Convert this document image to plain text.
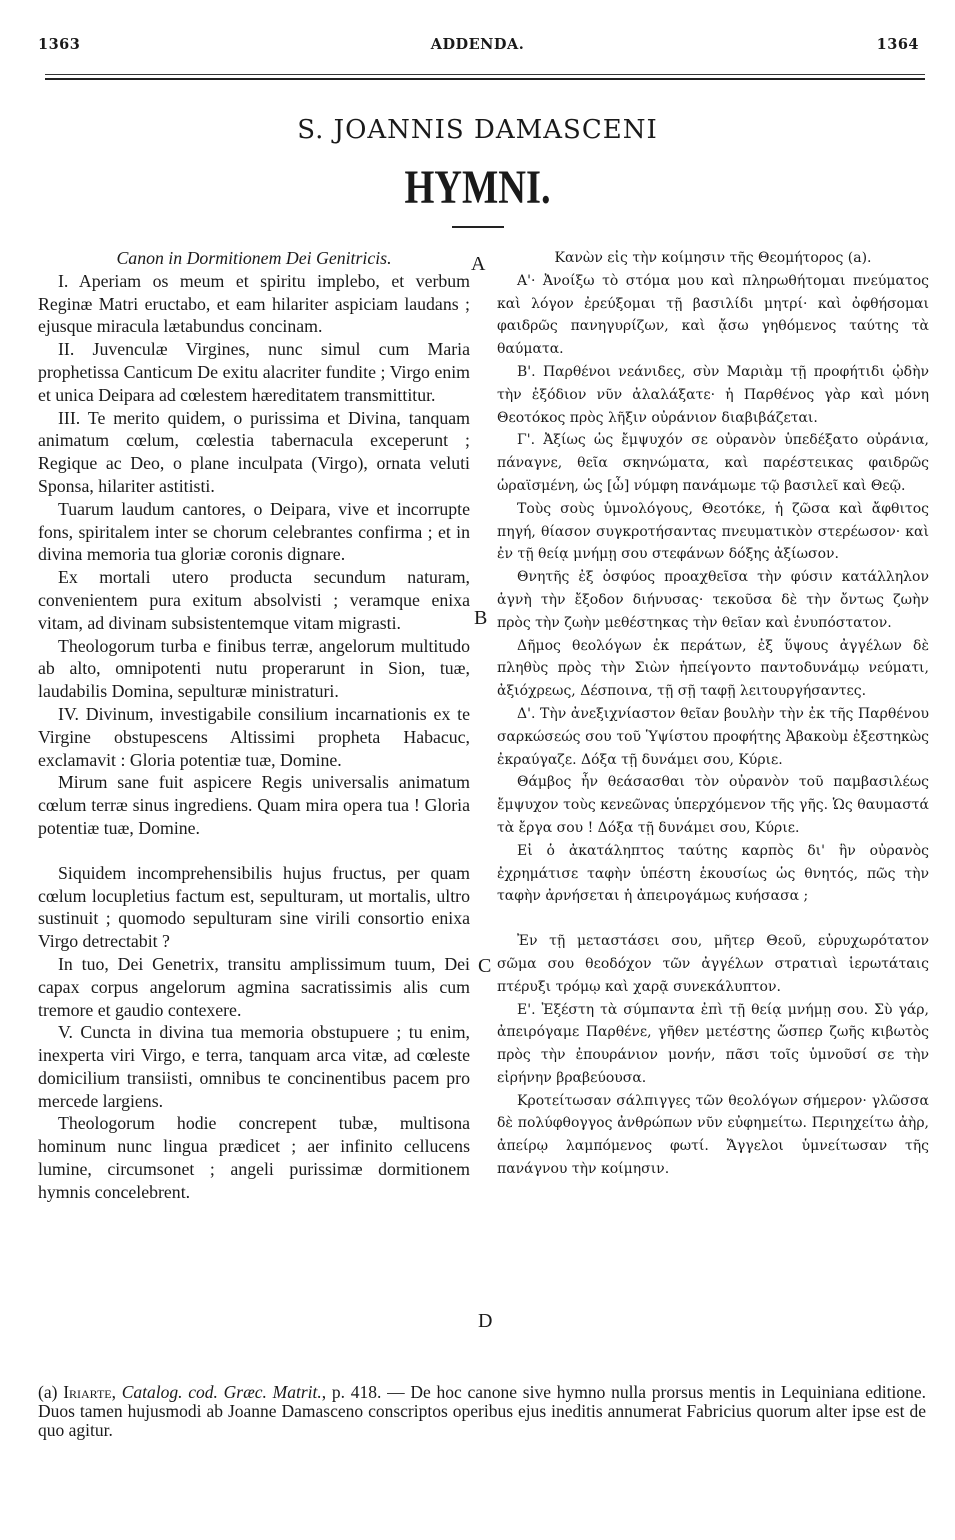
1363	ADDENDA.	1364
S. JOANNIS DAMASCENI
HYMNI.

Canon in Dormitionem Dei Genitricis.

I. Aperiam os meum et spiritu implebo, et verbum Reginæ Matri eructabo, et eam hilariter aspiciam laudans ; ejusque miracula lætabundus concinam.

II. Juvenculæ Virgines, nunc simul cum Maria prophetissa Canticum De exitu alacriter fundite ; Virgo enim et unica Deipara ad cœlestem hæreditatem transmittitur.

III. Te merito quidem, o purissima et Divina, tanquam animatum cœlum, cœlestia tabernacula exceperunt ; Regique ac Deo, o plane inculpata (Virgo), ornata veluti Sponsa, hilariter astitisti.

Tuarum laudum cantores, o Deipara, vive et incorrupte fons, spiritalem inter se chorum celebrantes confirma ; et in divina memoria tua gloriæ coronis dignare.

Ex mortali utero producta secundum naturam, convenientem pura exitum absolvisti ; veramque enixa vitam, ad divinam subsistentemque vitam migrasti.

Theologorum turba e finibus terræ, angelorum multitudo ab alto, omnipotenti nutu properarunt in Sion, tuæ, laudabilis Domina, sepulturæ ministraturi.

IV. Divinum, investigabile consilium incarnationis ex te Virgine obstupescens Altissimi propheta Habacuc, exclamavit : Gloria potentiæ tuæ, Domine.

Mirum sane fuit aspicere Regis universalis animatum cœlum terræ sinus ingrediens. Quam mira opera tua ! Gloria potentiæ tuæ, Domine.

Siquidem incomprehensibilis hujus fructus, per quam cœlum locupletius factum est, sepulturam, ut mortalis, ultro sustinuit ; quomodo sepulturam sine virili consortio enixa Virgo detrectabit ?

In tuo, Dei Genetrix, transitu amplissimum tuum, Dei capax corpus angelorum agmina sacratissimis alis cum tremore et gaudio contexere.

V. Cuncta in divina tua memoria obstupuere ; tu enim, inexperta viri Virgo, e terra, tanquam arca vitæ, ad cœleste domicilium transiisti, omnibus te concinentibus pacem pro mercede largiens.

Theologorum hodie concrepent tubæ, multisona hominum nunc lingua prædicet ; aer infinito cellucens lumine, circumsonet ; angeli purissimæ dormitionem hymnis concelebrent.

A
B
C
D

Κανὼν εἰς τὴν κοίμησιν τῆς Θεομήτορος (a).

Α'· Ἀνοίξω τὸ στόμα μου καὶ πληρωθήτομαι πνεύματος καὶ λόγον ἐρεύξομαι τῇ βασιλίδι μητρί· καὶ ὀφθήσομαι φαιδρῶς πανηγυρίζων, καὶ ᾄσω γηθόμενος ταύτης τὰ θαύματα.

Β'. Παρθένοι νεάνιδες, σὺν Μαριὰμ τῇ προφήτιδι ᾠδὴν τὴν ἐξόδιον νῦν ἀλαλάξατε· ἡ Παρθένος γὰρ καὶ μόνη Θεοτόκος πρὸς λῆξιν οὐράνιον διαβιβάζεται.

Γ'. Ἀξίως ὡς ἔμψυχόν σε οὐρανὸν ὑπεδέξατο οὐράνια, πάναγνε, θεῖα σκηνώματα, καὶ παρέστεικας φαιδρῶς ὡραϊσμένη, ὡς [ὦ] νύμφη πανάμωμε τῷ βασιλεῖ καὶ Θεῷ.

Τοὺς σοὺς ὑμνολόγους, Θεοτόκε, ἡ ζῶσα καὶ ἄφθιτος πηγή, θίασον συγκροτήσαντας πνευματικὸν στερέωσον· καὶ ἐν τῇ θείᾳ μνήμῃ σου στεφάνων δόξης ἀξίωσον.

Θνητῆς ἐξ ὀσφύος προαχθεῖσα τὴν φύσιν κατάλληλον ἁγνὴ τὴν ἔξοδον διήνυσας· τεκοῦσα δὲ τὴν ὄντως ζωὴν πρὸς τὴν ζωὴν μεθέστηκας τὴν θεῖαν καὶ ἐνυπόστατον.

Δῆμος θεολόγων ἐκ περάτων, ἐξ ὕψους ἀγγέλων δὲ πληθὺς πρὸς τὴν Σιὼν ἠπείγοντο παντοδυνάμῳ νεύματι, ἀξιόχρεως, Δέσποινα, τῇ σῇ ταφῇ λειτουργήσαντες.

Δ'. Τὴν ἀνεξιχνίαστον θεῖαν βουλὴν τὴν ἐκ τῆς Παρθένου σαρκώσεώς σου τοῦ Ὑψίστου προφήτης Ἀβακοὺμ ἐξεστηκὼς ἐκραύγαζε. Δόξα τῇ δυνάμει σου, Κύριε.

Θάμβος ἦν θεάσασθαι τὸν οὐρανὸν τοῦ παμβασιλέως ἔμψυχον τοὺς κενεῶνας ὑπερχόμενον τῆς γῆς. Ὡς θαυμαστά τὰ ἔργα σου ! Δόξα τῇ δυνάμει σου, Κύριε.

Εἰ ὁ ἀκατάληπτος ταύτης καρπὸς δι' ἣν οὐρανὸς ἐχρημάτισε ταφὴν ὑπέστη ἑκουσίως ὡς θνητός, πῶς τὴν ταφὴν ἀρνήσεται ἡ ἀπειρογάμως κυήσασα ;

Ἐν τῇ μεταστάσει σου, μῆτερ Θεοῦ, εὐρυχωρότατον σῶμα σου θεοδόχον τῶν ἀγγέλων στρατιαὶ ἱερωτάταις πτέρυξι τρόμῳ καὶ χαρᾷ συνεκάλυπτον.

Ε'. Ἐξέστη τὰ σύμπαντα ἐπὶ τῇ θείᾳ μνήμῃ σου. Σὺ γάρ, ἀπειρόγαμε Παρθένε, γῆθεν μετέστης ὥσπερ ζωῆς κιβωτὸς πρὸς τὴν ἐπουράνιον μονήν, πᾶσι τοῖς ὑμνοῦσί σε τὴν εἰρήνην βραβεύουσα.

Κροτείτωσαν σάλπιγγες τῶν θεολόγων σήμερον· γλῶσσα δὲ πολύφθογγος ἀνθρώπων νῦν εὐφημείτω. Περιηχείτω ἀὴρ, ἀπείρῳ λαμπόμενος φωτί. Ἄγγελοι ὑμνείτωσαν τῆς πανάγνου τὴν κοίμησιν.

(a) Iriarte, Catalog. cod. Græc. Matrit., p. 418. — De hoc canone sive hymno nulla prorsus mentis in Lequiniana editione. Duos tamen hujusmodi ab Joanne Damasceno conscriptos operibus ejus ineditis annumerat Fabricius quorum alter ipse est de quo agitur.
